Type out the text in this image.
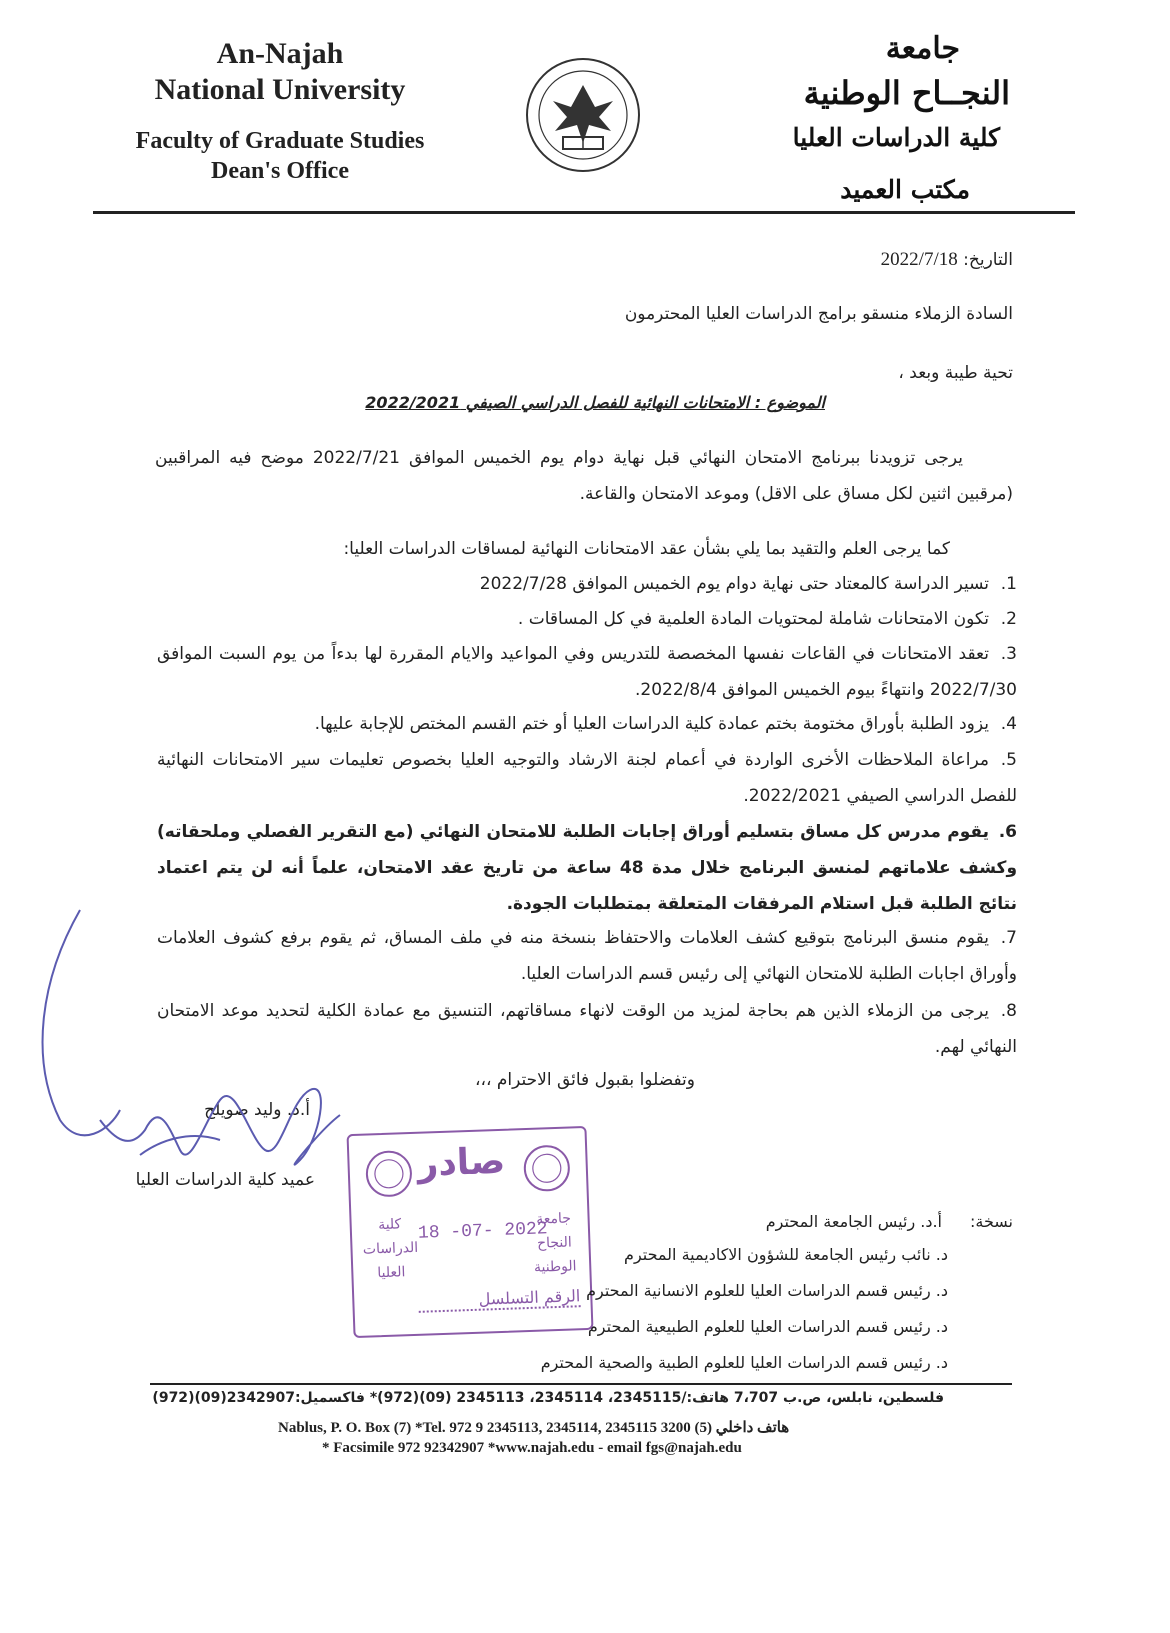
An-Najah
National University
Faculty of Graduate Studies
Dean's Office
جامعة
النجــاح الوطنية
كلية الدراسات العليا
مكتب العميد
التاريخ: 2022/7/18
السادة الزملاء منسقو برامج الدراسات العليا المحترمون
تحية طيبة وبعد ،
الموضوع : الامتحانات النهائية للفصل الدراسي الصيفي 2022/2021
يرجى تزويدنا ببرنامج الامتحان النهائي قبل نهاية دوام يوم الخميس الموافق 2022/7/21 موضح فيه المراقبين (مرقبين اثنين لكل مساق على الاقل) وموعد الامتحان والقاعة.
كما يرجى العلم والتقيد بما يلي بشأن عقد الامتحانات النهائية لمساقات الدراسات العليا:
1.تسير الدراسة كالمعتاد حتى نهاية دوام يوم الخميس الموافق 2022/7/28
2.تكون الامتحانات شاملة لمحتويات المادة العلمية في كل المساقات .
3.تعقد الامتحانات في القاعات نفسها المخصصة للتدريس وفي المواعيد والايام المقررة لها بدءاً من يوم السبت الموافق 2022/7/30 وانتهاءً بيوم الخميس الموافق 2022/8/4.
4.يزود الطلبة بأوراق مختومة بختم عمادة كلية الدراسات العليا أو ختم القسم المختص للإجابة عليها.
5.مراعاة الملاحظات الأخرى الواردة في أعمام لجنة الارشاد والتوجيه العليا بخصوص تعليمات سير الامتحانات النهائية للفصل الدراسي الصيفي 2022/2021.
6.يقوم مدرس كل مساق بتسليم أوراق إجابات الطلبة للامتحان النهائي (مع التقرير الفصلي وملحقاته) وكشف علاماتهم لمنسق البرنامج خلال مدة 48 ساعة من تاريخ عقد الامتحان، علماً أنه لن يتم اعتماد نتائج الطلبة قبل استلام المرفقات المتعلقة بمتطلبات الجودة.
7.يقوم منسق البرنامج بتوقيع كشف العلامات والاحتفاظ بنسخة منه في ملف المساق، ثم يقوم برفع كشوف العلامات وأوراق اجابات الطلبة للامتحان النهائي إلى رئيس قسم الدراسات العليا.
8.يرجى من الزملاء الذين هم بحاجة لمزيد من الوقت لانهاء مساقاتهم، التنسيق مع عمادة الكلية لتحديد موعد الامتحان النهائي لهم.
وتفضلوا بقبول فائق الاحترام ،،،
أ.د. وليد صويلح
عميد كلية الدراسات العليا	صادر
18 -07- 2022
كلية الدراسات العليا
جامعة النجاح الوطنية
الرقم التسلسل
نسخة:
أ.د. رئيس الجامعة المحترم
د. نائب رئيس الجامعة للشؤون الاكاديمية المحترم
د. رئيس قسم الدراسات العليا للعلوم الانسانية المحترم
د. رئيس قسم الدراسات العليا للعلوم الطبيعية المحترم
د. رئيس قسم الدراسات العليا للعلوم الطبية والصحية المحترم
فلسطين، نابلس، ص.ب 7،707 هاتف:/2345115، 2345114، 2345113 (09)(972)* فاكسميل:2342907(09)(972)
Nablus, P. O. Box (7) *Tel. 972 9 2345113, 2345114, 2345115 هاتف داخلي (5) 3200
* Facsimile 972 92342907 *www.najah.edu - email fgs@najah.edu
